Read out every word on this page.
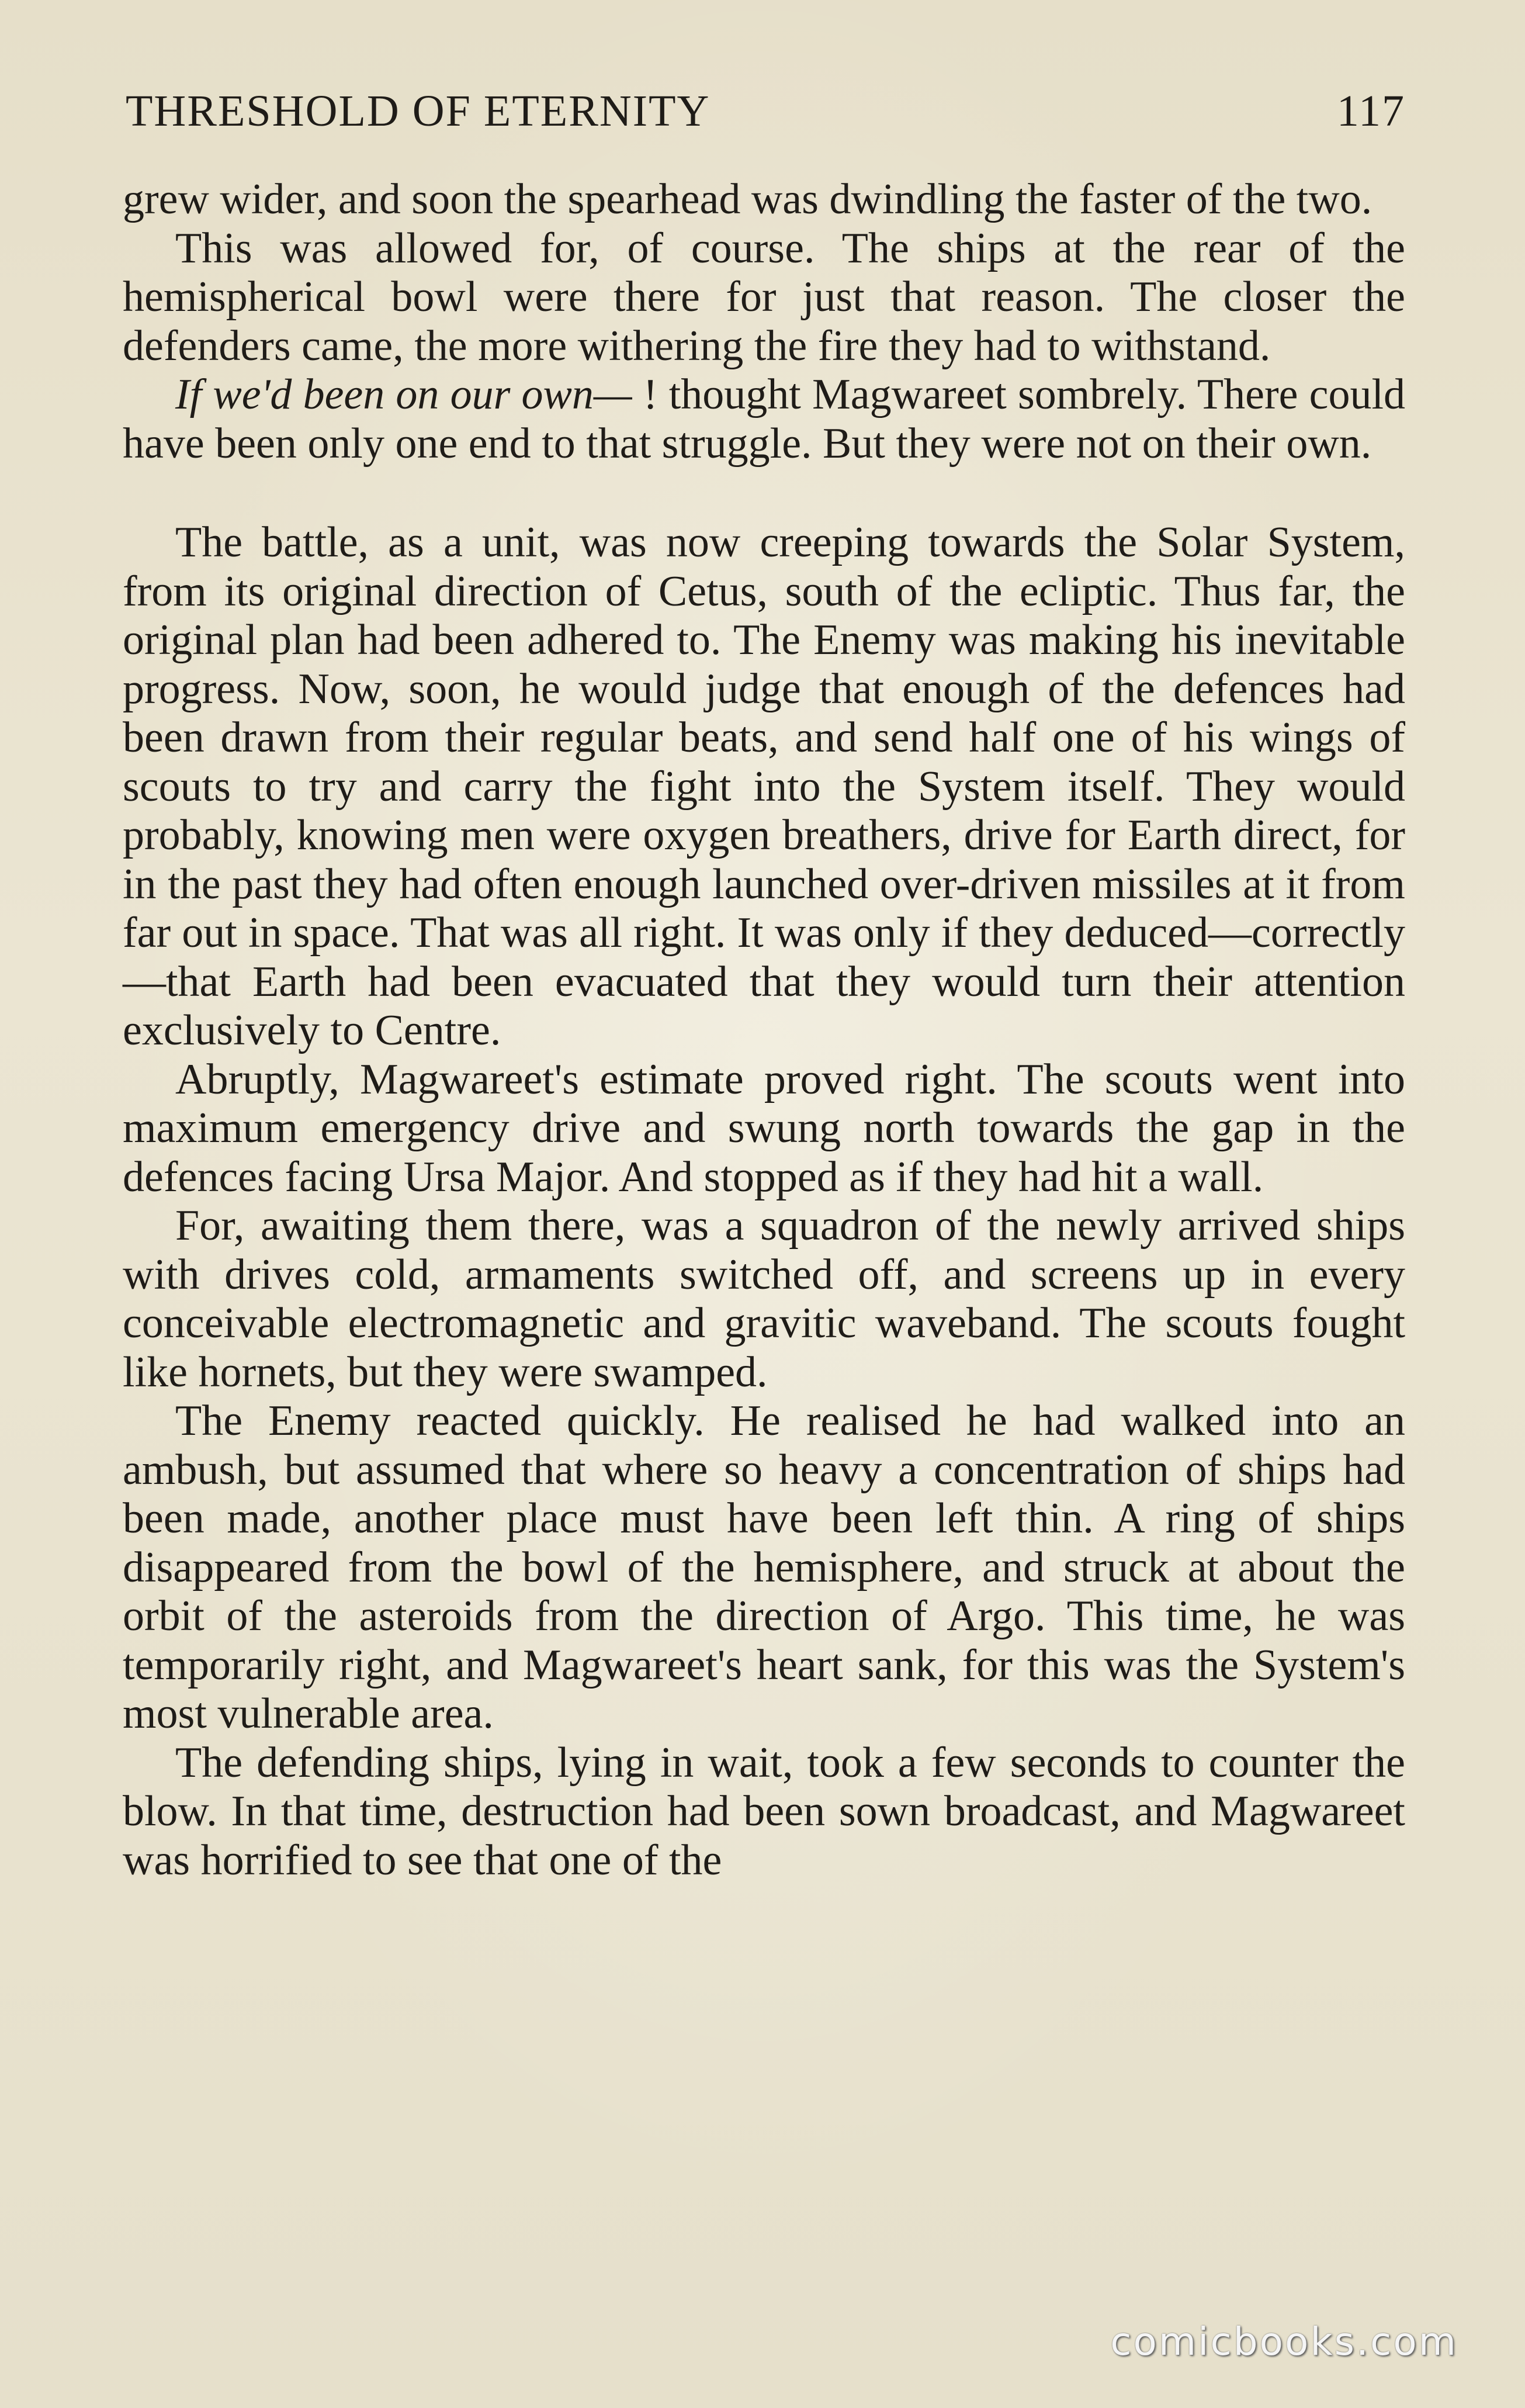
THRESHOLD OF ETERNITY	117

grew wider, and soon the spearhead was dwindling the faster of the two.

This was allowed for, of course. The ships at the rear of the hemispherical bowl were there for just that reason. The closer the defenders came, the more withering the fire they had to withstand.

If we'd been on our own— ! thought Magwareet sombrely. There could have been only one end to that struggle. But they were not on their own.

The battle, as a unit, was now creeping towards the Solar System, from its original direction of Cetus, south of the ecliptic. Thus far, the original plan had been adhered to. The Enemy was making his inevitable progress. Now, soon, he would judge that enough of the defences had been drawn from their regular beats, and send half one of his wings of scouts to try and carry the fight into the System itself. They would probably, knowing men were oxygen breathers, drive for Earth direct, for in the past they had often enough launched over-driven missiles at it from far out in space. That was all right. It was only if they deduced—correctly—that Earth had been evacuated that they would turn their attention exclusively to Centre.

Abruptly, Magwareet's estimate proved right. The scouts went into maximum emergency drive and swung north towards the gap in the defences facing Ursa Major. And stopped as if they had hit a wall.

For, awaiting them there, was a squadron of the newly arrived ships with drives cold, armaments switched off, and screens up in every conceivable electromagnetic and gravitic waveband. The scouts fought like hornets, but they were swamped.

The Enemy reacted quickly. He realised he had walked into an ambush, but assumed that where so heavy a concentration of ships had been made, another place must have been left thin. A ring of ships disappeared from the bowl of the hemisphere, and struck at about the orbit of the asteroids from the direction of Argo. This time, he was temporarily right, and Magwareet's heart sank, for this was the System's most vulnerable area.

The defending ships, lying in wait, took a few seconds to counter the blow. In that time, destruction had been sown broadcast, and Magwareet was horrified to see that one of the

comicbooks.com
